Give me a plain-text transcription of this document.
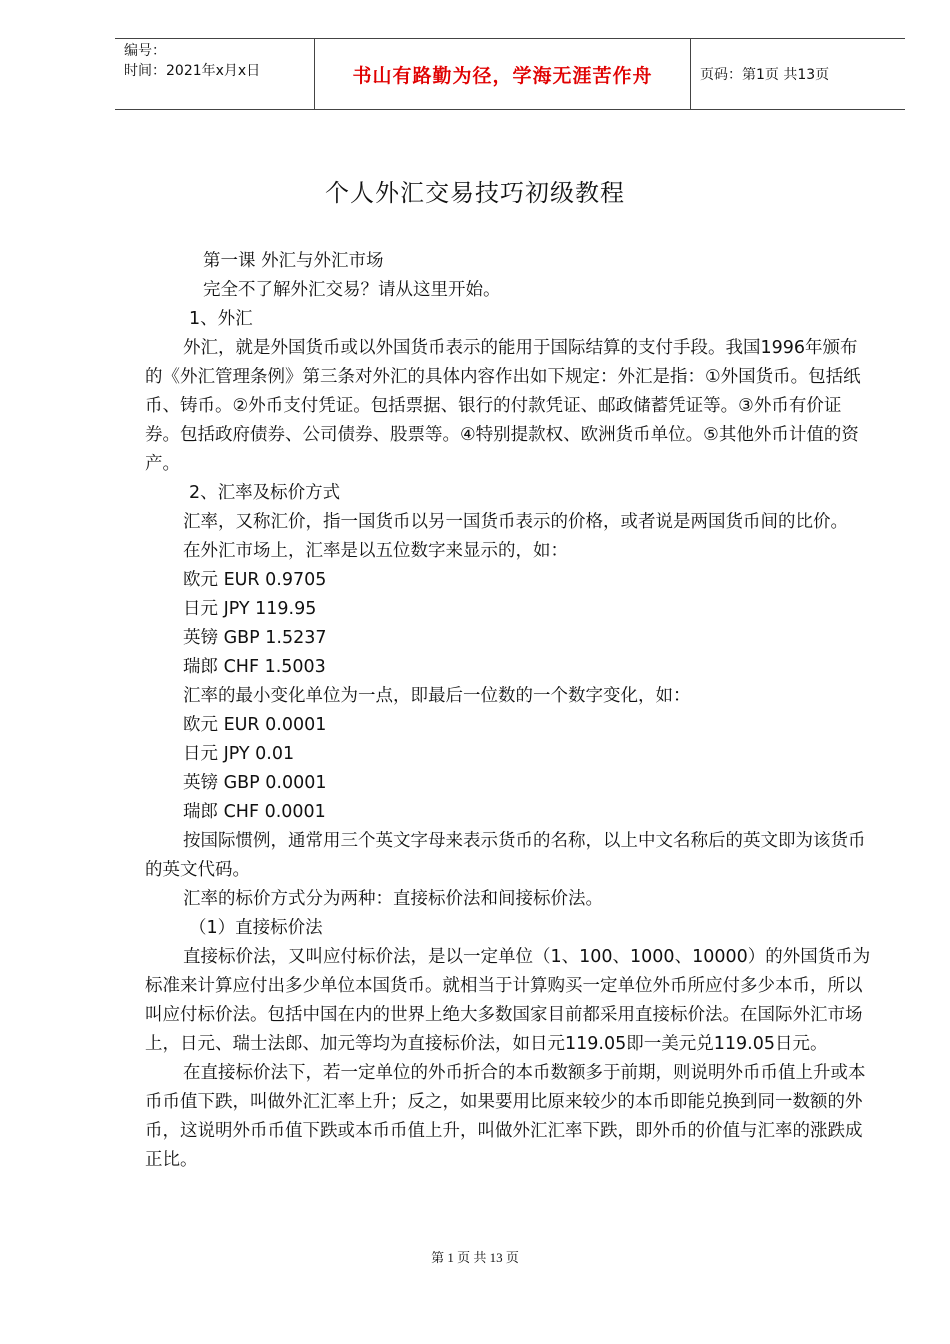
编号：
时间：2021年x月x日	书山有路勤为径，学海无涯苦作舟	页码：第1页 共13页
个人外汇交易技巧初级教程

第一课 外汇与外汇市场

完全不了解外汇交易？请从这里开始。

1、外汇

外汇，就是外国货币或以外国货币表示的能用于国际结算的支付手段。我国1996年颁布的《外汇管理条例》第三条对外汇的具体内容作出如下规定：外汇是指：①外国货币。包括纸币、铸币。②外币支付凭证。包括票据、银行的付款凭证、邮政储蓄凭证等。③外币有价证券。包括政府债券、公司债券、股票等。④特别提款权、欧洲货币单位。⑤其他外币计值的资产。

2、汇率及标价方式

汇率，又称汇价，指一国货币以另一国货币表示的价格，或者说是两国货币间的比价。

在外汇市场上，汇率是以五位数字来显示的，如：

欧元 EUR 0.9705

日元 JPY 119.95

英镑 GBP 1.5237

瑞郎 CHF 1.5003

汇率的最小变化单位为一点，即最后一位数的一个数字变化，如：

欧元 EUR 0.0001

日元 JPY 0.01

英镑 GBP 0.0001

瑞郎 CHF 0.0001

按国际惯例，通常用三个英文字母来表示货币的名称，以上中文名称后的英文即为该货币的英文代码。

汇率的标价方式分为两种：直接标价法和间接标价法。

（1）直接标价法

直接标价法，又叫应付标价法，是以一定单位（1、100、1000、10000）的外国货币为标准来计算应付出多少单位本国货币。就相当于计算购买一定单位外币所应付多少本币，所以叫应付标价法。包括中国在内的世界上绝大多数国家目前都采用直接标价法。在国际外汇市场上，日元、瑞士法郎、加元等均为直接标价法，如日元119.05即一美元兑119.05日元。

在直接标价法下，若一定单位的外币折合的本币数额多于前期，则说明外币币值上升或本币币值下跌，叫做外汇汇率上升；反之，如果要用比原来较少的本币即能兑换到同一数额的外币，这说明外币币值下跌或本币币值上升，叫做外汇汇率下跌，即外币的价值与汇率的涨跌成正比。

第 1 页 共 13 页
